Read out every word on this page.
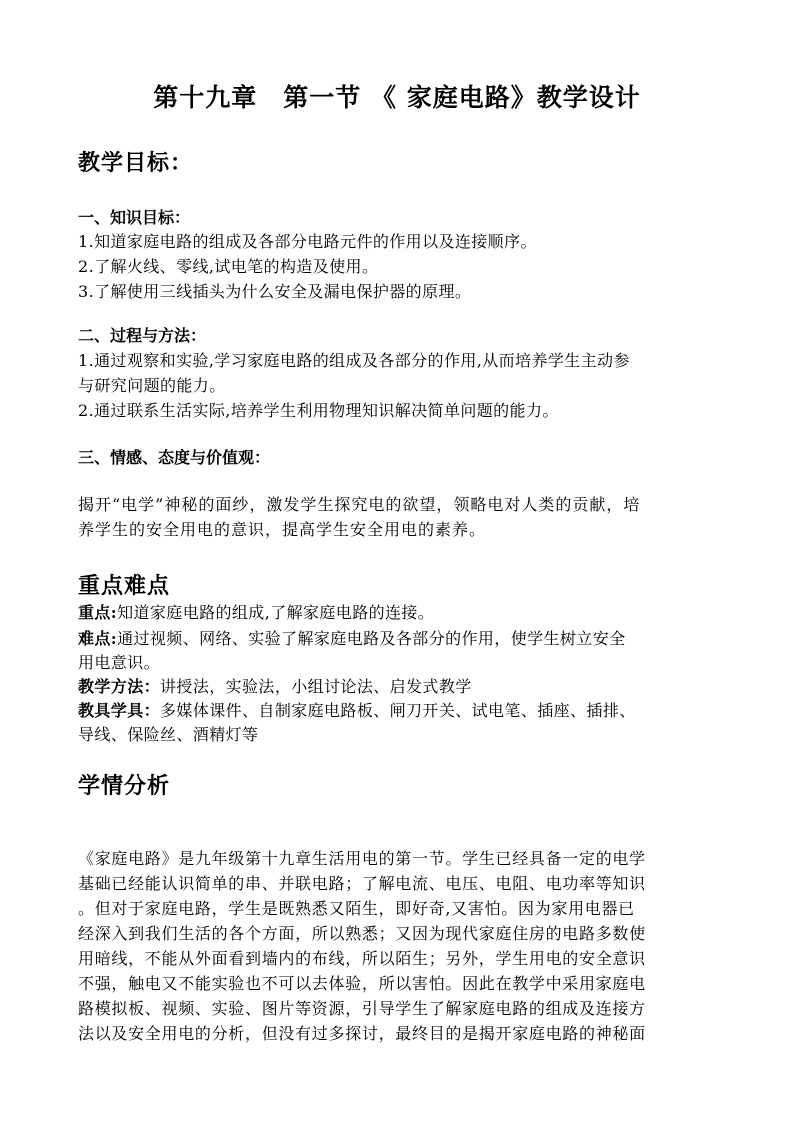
第十九章　第一节 《 家庭电路》教学设计
教学目标：
一、知识目标：
1.知道家庭电路的组成及各部分电路元件的作用以及连接顺序。
2.了解火线、零线,试电笔的构造及使用。
3.了解使用三线插头为什么安全及漏电保护器的原理。
二、过程与方法：
1.通过观察和实验,学习家庭电路的组成及各部分的作用,从而培养学生主动参
与研究问题的能力。
2.通过联系生活实际,培养学生利用物理知识解决简单问题的能力。
三、情感、态度与价值观：
揭开“电学”神秘的面纱，激发学生探究电的欲望，领略电对人类的贡献，培
养学生的安全用电的意识，提高学生安全用电的素养。
重点难点
重点:知道家庭电路的组成,了解家庭电路的连接。
难点:通过视频、网络、实验了解家庭电路及各部分的作用，使学生树立安全
用电意识。
教学方法：讲授法，实验法，小组讨论法、启发式教学
教具学具：多媒体课件、自制家庭电路板、闸刀开关、试电笔、插座、插排、
导线、保险丝、酒精灯等
学情分析
《家庭电路》是九年级第十九章生活用电的第一节。学生已经具备一定的电学
基础已经能认识简单的串、并联电路；了解电流、电压、电阻、电功率等知识
。但对于家庭电路，学生是既熟悉又陌生，即好奇,又害怕。因为家用电器已
经深入到我们生活的各个方面，所以熟悉；又因为现代家庭住房的电路多数使
用暗线，不能从外面看到墙内的布线，所以陌生；另外，学生用电的安全意识
不强，触电又不能实验也不可以去体验，所以害怕。因此在教学中采用家庭电
路模拟板、视频、实验、图片等资源，引导学生了解家庭电路的组成及连接方
法以及安全用电的分析，但没有过多探讨，最终目的是揭开家庭电路的神秘面
